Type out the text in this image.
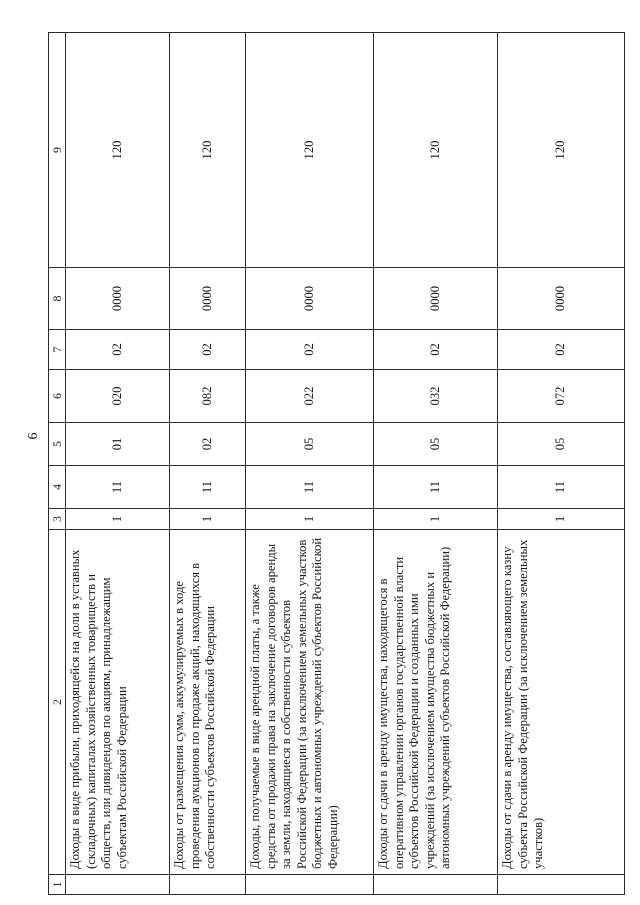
6
1	2	3	4	5	6	7	8	9
	Доходы в виде прибыли, приходящейся на доли в уставных (складочных) капиталах хозяйственных товариществ и обществ, или дивидендов по акциям, принадлежащим субъектам Российской Федерации	1	11	01	020	02	0000	120
	Доходы от размещения сумм, аккумулируемых в ходе проведения аукционов по продаже акций, находящихся в собственности субъектов Российской Федерации	1	11	02	082	02	0000	120
	Доходы, получаемые в виде арендной платы, а также средства от продажи права на заключение договоров аренды за земли, находящиеся в собственности субъектов Российской Федерации (за исключением земельных участков бюджетных и автономных учреждений субъектов Российской Федерации)	1	11	05	022	02	0000	120
	Доходы от сдачи в аренду имущества, находящегося в оперативном управлении органов государственной власти субъектов Российской Федерации и созданных ими учреждений (за исключением имущества бюджетных и автономных учреждений субъектов Российской Федерации)	1	11	05	032	02	0000	120
	Доходы от сдачи в аренду имущества, составляющего казну субъекта Российской Федерации (за исключением земельных участков)	1	11	05	072	02	0000	120
